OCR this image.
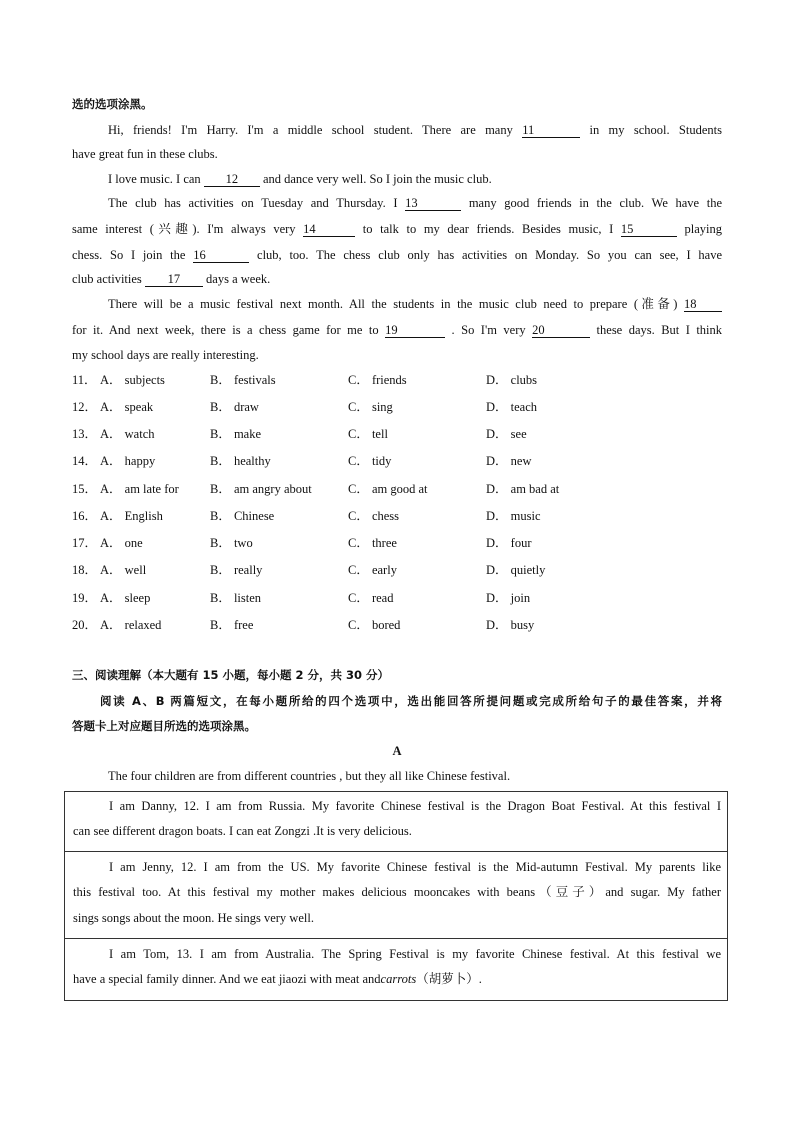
选的选项涂黑。
Hi, friends! I'm Harry. I'm a middle school student. There are many 11	in my school. Students
have great fun in these clubs.
I love music. I can 12 and dance very well. So I join the music club.
The club has activities on Tuesday and Thursday. I 13	many good friends in the club. We have the
same interest (兴趣). I'm always very 14	to talk to my dear friends. Besides music, I 15	playing
chess. So I join the 16	club, too. The chess club only has activities on Monday. So you can see, I have
club activities 17 days a week.
There will be a music festival next month. All the students in the music club need to prepare (准备) 18
for it. And next week, there is a chess game for me to 19	. So I'm very 20	these days. But I think
my school days are really interesting.
11． A． subjects	B． festivals	C． friends	D． clubs
12． A． speak	B． draw	C． sing	D． teach
13． A． watch	B． make	C． tell	D． see
14． A． happy	B． healthy	C． tidy	D． new
15． A． am late for B． am angry about	C． am good at	D． am bad at
16． A． English	B． Chinese	C． chess	D． music
17． A． one	B． two	C． three	D． four
18． A． well	B． really	C． early	D． quietly
19． A． sleep	B． listen	C． read	D． join
20． A． relaxed	B． free	C． bored	D． busy
三、阅读理解（本大题有 15 小题，每小题 2 分，共 30 分）
阅读 A、B 两篇短文，在每小题所给的四个选项中，选出能回答所提问题或完成所给句子的最佳答案，并将
答题卡上对应题目所选的选项涂黑。
A
The four children are from different countries , but they all like Chinese festival.
I am Danny, 12. I am from Russia. My favorite Chinese festival is the Dragon Boat Festival. At this festival I
can see different dragon boats. I can eat Zongzi .It is very delicious.
I am Jenny, 12. I am from the US. My favorite Chinese festival is the Mid-autumn Festival. My parents like
this festival too. At this festival my mother makes delicious mooncakes with beans（豆子）and sugar. My father
sings songs about the moon. He sings very well.
I am Tom, 13. I am from Australia. The Spring Festival is my favorite Chinese festival. At this festival we
have a special family dinner. And we eat jiaozi with meat andcarrots（胡萝卜）.
